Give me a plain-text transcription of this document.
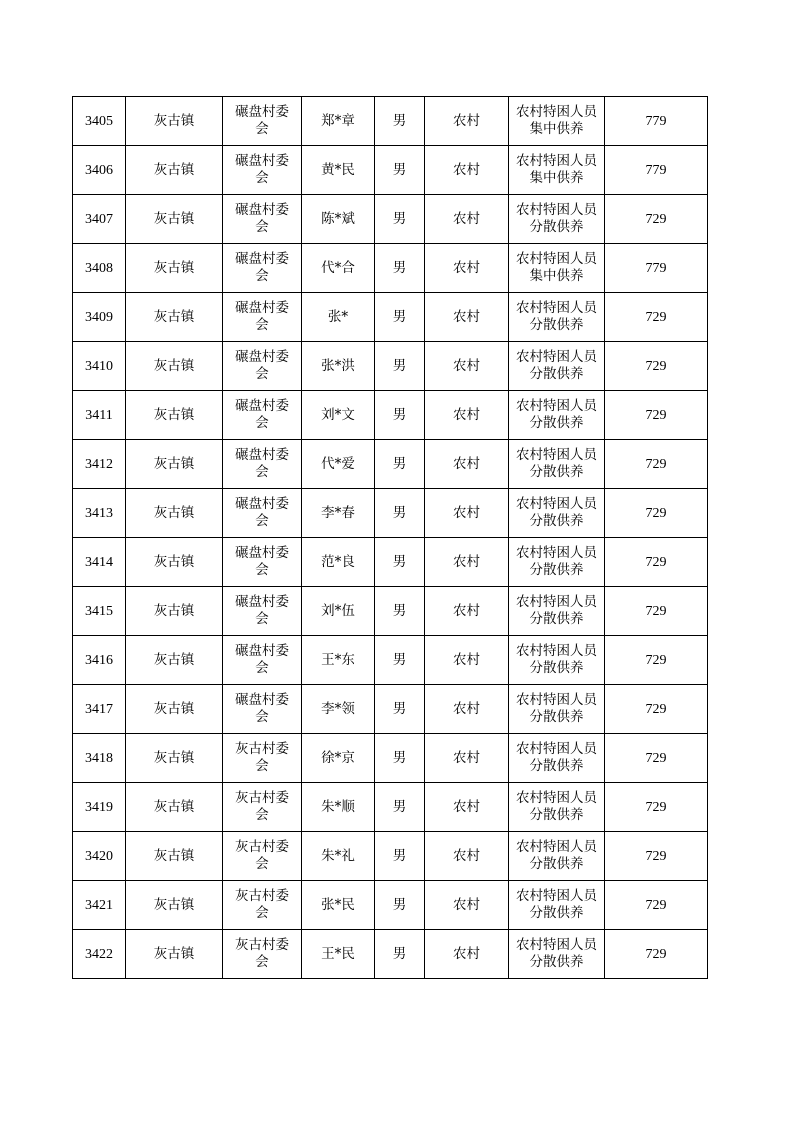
3405	灰古镇	碾盘村委会	郑*章	男	农村	农村特困人员集中供养	779
3406	灰古镇	碾盘村委会	黄*民	男	农村	农村特困人员集中供养	779
3407	灰古镇	碾盘村委会	陈*斌	男	农村	农村特困人员分散供养	729
3408	灰古镇	碾盘村委会	代*合	男	农村	农村特困人员集中供养	779
3409	灰古镇	碾盘村委会	张*	男	农村	农村特困人员分散供养	729
3410	灰古镇	碾盘村委会	张*洪	男	农村	农村特困人员分散供养	729
3411	灰古镇	碾盘村委会	刘*文	男	农村	农村特困人员分散供养	729
3412	灰古镇	碾盘村委会	代*爱	男	农村	农村特困人员分散供养	729
3413	灰古镇	碾盘村委会	李*春	男	农村	农村特困人员分散供养	729
3414	灰古镇	碾盘村委会	范*良	男	农村	农村特困人员分散供养	729
3415	灰古镇	碾盘村委会	刘*伍	男	农村	农村特困人员分散供养	729
3416	灰古镇	碾盘村委会	王*东	男	农村	农村特困人员分散供养	729
3417	灰古镇	碾盘村委会	李*领	男	农村	农村特困人员分散供养	729
3418	灰古镇	灰古村委会	徐*京	男	农村	农村特困人员分散供养	729
3419	灰古镇	灰古村委会	朱*顺	男	农村	农村特困人员分散供养	729
3420	灰古镇	灰古村委会	朱*礼	男	农村	农村特困人员分散供养	729
3421	灰古镇	灰古村委会	张*民	男	农村	农村特困人员分散供养	729
3422	灰古镇	灰古村委会	王*民	男	农村	农村特困人员分散供养	729
